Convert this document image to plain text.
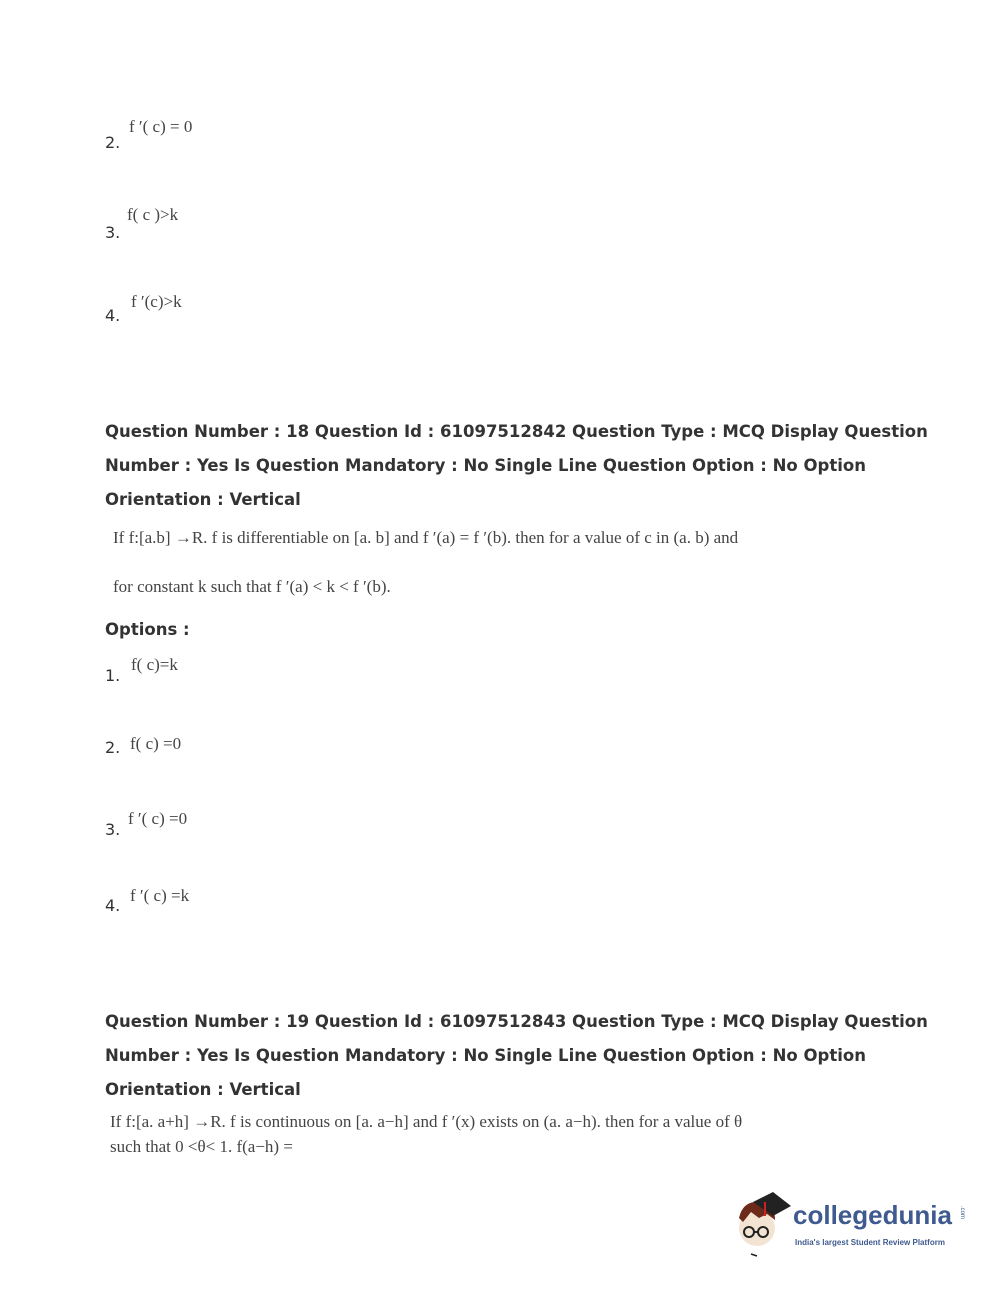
f ′( c) = 0
2.
f( c )>k
3.
f ′(c)>k
4.
Question Number : 18 Question Id : 61097512842 Question Type : MCQ Display Question
Number : Yes Is Question Mandatory : No Single Line Question Option : No Option
Orientation : Vertical
If f:[a.b] →R. f is differentiable on [a. b] and f ′(a) = f ′(b). then for a value of c in (a. b) and
for constant k such that f ′(a) < k < f ′(b).
Options :
f( c)=k
1.
f( c) =0
2.
f ′( c) =0
3.
f ′( c) =k
4.
Question Number : 19 Question Id : 61097512843 Question Type : MCQ Display Question
Number : Yes Is Question Mandatory : No Single Line Question Option : No Option
Orientation : Vertical
If f:[a. a+h] →R. f is continuous on [a. a−h] and f ′(x) exists on (a. a−h). then for a value of θ
such that 0 <θ< 1. f(a−h) =
collegedunia .com
India's largest Student Review Platform
